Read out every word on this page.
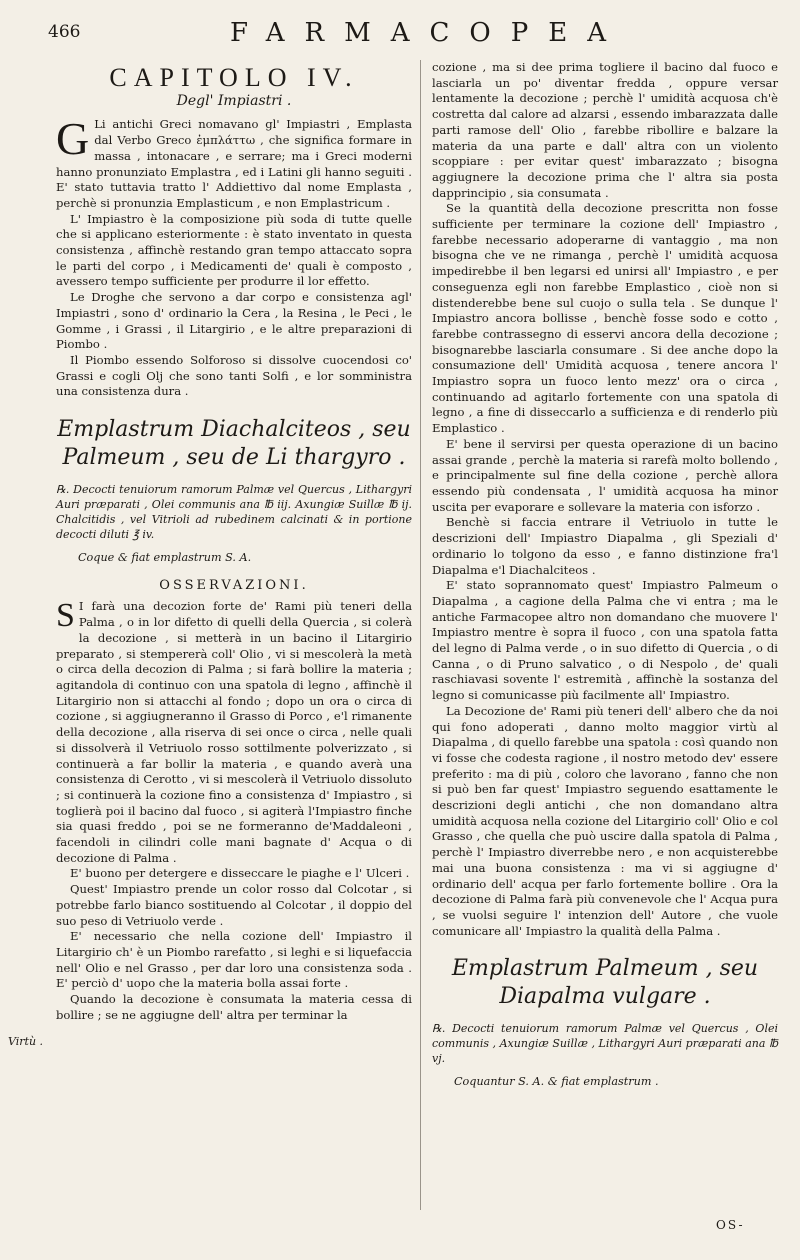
466	FARMACOPEA
CAPITOLO IV.
Degl' Impiastri .

G Li antichi Greci nomavano gl' Impiastri , Emplasta dal Verbo Greco ἐμπλάττω , che significa formare in massa , intonacare , e serrare; ma i Greci moderni hanno pronunziato Emplastra , ed i Latini gli hanno seguiti . E' stato tuttavia tratto l' Addiettivo dal nome Emplasta , perchè si pronunzia Emplasticum , e non Emplastricum .

L' Impiastro è la composizione più soda di tutte quelle che si applicano esteriormente : è stato inventato in questa consistenza , affinchè restando gran tempo attaccato sopra le parti del corpo , i Medicamenti de' quali è composto , avessero tempo sufficiente per produrre il lor effetto.

Le Droghe che servono a dar corpo e consistenza agl' Impiastri , sono d' ordinario la Cera , la Resina , le Peci , le Gomme , i Grassi , il Litargirio , e le altre preparazioni di Piombo .

Il Piombo essendo Solforoso si dissolve cuocendosi co' Grassi e cogli Olj che sono tanti Solfi , e lor somministra una consistenza dura .

Emplastrum Diachalciteos , seu Palmeum , seu de Li thargyro .
℞. Decocti tenuiorum ramorum Palmæ vel Quercus , Lithargyri Auri præparati , Olei communis ana ℔ iij. Axungiæ Suillæ ℔ ij. Chalcitidis , vel Vitrioli ad rubedinem calcinati & in portione decocti diluti ℥ iv.
Coque & fiat emplastrum S. A.
OSSERVAZIONI.

S I farà una decozion forte de' Rami più teneri della Palma , o in lor difetto di quelli della Quercia , si colerà la decozione , si metterà in un bacino il Litargirio preparato , si stempererà coll' Olio , vi si mescolerà la metà o circa della decozion di Palma ; si farà bollire la materia ; agitandola di continuo con una spatola di legno , affinchè il Litargirio non si attacchi al fondo ; dopo un ora o circa di cozione , si aggiugneranno il Grasso di Porco , e'l rimanente della decozione , alla riserva di sei once o circa , nelle quali si dissolverà il Vetriuolo rosso sottilmente polverizzato , si continuerà a far bollir la materia , e quando averà una consistenza di Cerotto , vi si mescolerà il Vetriuolo dissoluto ; si continuerà la cozione fino a consistenza d' Impiastro , si toglierà poi il bacino dal fuoco , si agiterà l'Impiastro finche sia quasi freddo , poi se ne formeranno de'Maddaleoni , facendoli in cilindri colle mani bagnate d' Acqua o di decozione di Palma .

E' buono per detergere e disseccare le piaghe e l' Ulceri .

Quest' Impiastro prende un color rosso dal Colcotar , si potrebbe farlo bianco sostituendo al Colcotar , il doppio del suo peso di Vetriuolo verde .

E' necessario che nella cozione dell' Impiastro il Litargirio ch' è un Piombo rarefatto , si leghi e si liquefaccia nell' Olio e nel Grasso , per dar loro una consistenza soda . E' perciò d' uopo che la materia bolla assai forte .

Quando la decozione è consumata la materia cessa di bollire ; se ne aggiugne dell' altra per terminar la

Virtù .

cozione , ma si dee prima togliere il bacino dal fuoco e lasciarla un po' diventar fredda , oppure versar lentamente la decozione ; perchè l' umidità acquosa ch'è costretta dal calore ad alzarsi , essendo imbarazzata dalle parti ramose dell' Olio , farebbe ribollire e balzare la materia da una parte e dall' altra con un violento scoppiare : per evitar quest' imbarazzato ; bisogna aggiugnere la decozione prima che l' altra sia posta dapprincipio , sia consumata .

Se la quantità della decozione prescritta non fosse sufficiente per terminare la cozione dell' Impiastro , farebbe necessario adoperarne di vantaggio , ma non bisogna che ve ne rimanga , perchè l' umidità acquosa impedirebbe il ben legarsi ed unirsi all' Impiastro , e per conseguenza egli non farebbe Emplastico , cioè non si distenderebbe bene sul cuojo o sulla tela . Se dunque l' Impiastro ancora bollisse , benchè fosse sodo e cotto , farebbe contrassegno di esservi ancora della decozione ; bisognarebbe lasciarla consumare . Si dee anche dopo la consumazione dell' Umidità acquosa , tenere ancora l' Impiastro sopra un fuoco lento mezz' ora o circa , continuando ad agitarlo fortemente con una spatola di legno , a fine di disseccarlo a sufficienza e di renderlo più Emplastico .

E' bene il servirsi per questa operazione di un bacino assai grande , perchè la materia si rarefà molto bollendo , e principalmente sul fine della cozione , perchè allora essendo più condensata , l' umidità acquosa ha minor uscita per evaporare e sollevare la materia con isforzo .

Benchè si faccia entrare il Vetriuolo in tutte le descrizioni dell' Impiastro Diapalma , gli Speziali d' ordinario lo tolgono da esso , e fanno distinzione fra'l Diapalma e'l Diachalciteos .

E' stato soprannomato quest' Impiastro Palmeum o Diapalma , a cagione della Palma che vi entra ; ma le antiche Farmacopee altro non domandano che muovere l' Impiastro mentre è sopra il fuoco , con una spatola fatta del legno di Palma verde , o in suo difetto di Quercia , o di Canna , o di Pruno salvatico , o di Nespolo , de' quali raschiavasi sovente l' estremità , affinchè la sostanza del legno si comunicasse più facilmente all' Impiastro.

La Decozione de' Rami più teneri dell' albero che da noi qui fono adoperati , danno molto maggior virtù al Diapalma , di quello farebbe una spatola : così quando non vi fosse che codesta ragione , il nostro metodo dev' essere preferito : ma di più , coloro che lavorano , fanno che non si può ben far quest' Impiastro seguendo esattamente le descrizioni degli antichi , che non domandano altra umidità acquosa nella cozione del Litargirio coll' Olio e col Grasso , che quella che può uscire dalla spatola di Palma , perchè l' Impiastro diverrebbe nero , e non acquisterebbe mai una buona consistenza : ma vi si aggiugne d' ordinario dell' acqua per farlo fortemente bollire . Ora la decozione di Palma farà più convenevole che l' Acqua pura , se vuolsi seguire l' intenzion dell' Autore , che vuole comunicare all' Impiastro la qualità della Palma .

Emplastrum Palmeum , seu Diapalma vulgare .
℞. Decocti tenuiorum ramorum Palmæ vel Quercus , Olei communis , Axungiæ Suillæ , Lithargyri Auri præparati ana ℔ vj.
Coquantur S. A. & fiat emplastrum .
OS-
